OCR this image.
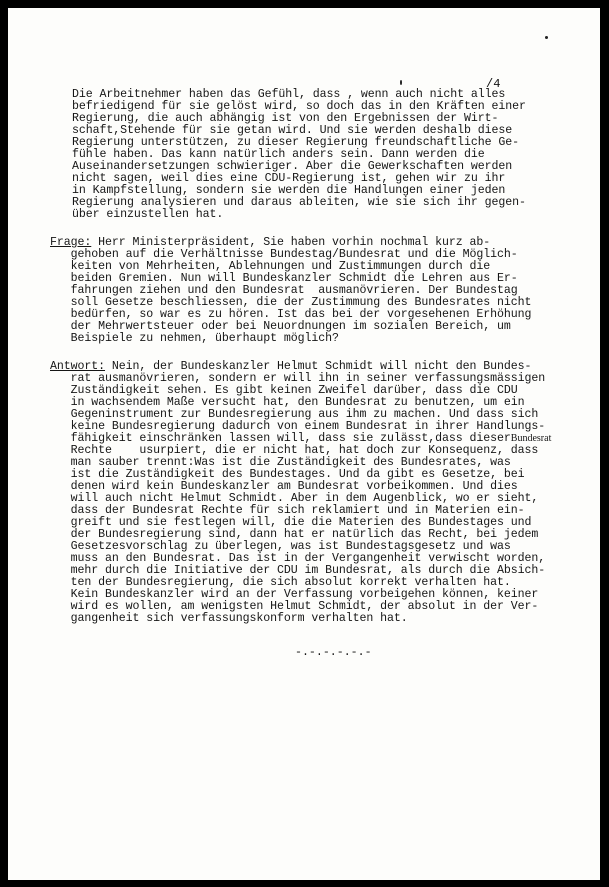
/4

Die Arbeitnehmer haben das Gefühl, dass , wenn auch nicht alles

befriedigend für sie gelöst wird, so doch das in den Kräften einer

Regierung, die auch abhängig ist von den Ergebnissen der Wirt-

schaft,Stehende für sie getan wird. Und sie werden deshalb diese

Regierung unterstützen, zu dieser Regierung freundschaftliche Ge-

fühle haben. Das kann natürlich anders sein. Dann werden die

Auseinandersetzungen schwieriger. Aber die Gewerkschaften werden

nicht sagen, weil dies eine CDU-Regierung ist, gehen wir zu ihr

in Kampfstellung, sondern sie werden die Handlungen einer jeden

Regierung analysieren und daraus ableiten, wie sie sich ihr gegen-

über einzustellen hat.

Frage: Herr Ministerpräsident, Sie haben vorhin nochmal kurz ab-

gehoben auf die Verhältnisse Bundestag/Bundesrat und die Möglich-

keiten von Mehrheiten, Ablehnungen und Zustimmungen durch die

beiden Gremien. Nun will Bundeskanzler Schmidt die Lehren aus Er-

fahrungen ziehen und den Bundesrat  ausmanövrieren. Der Bundestag

soll Gesetze beschliessen, die der Zustimmung des Bundesrates nicht

bedürfen, so war es zu hören. Ist das bei der vorgesehenen Erhöhung

der Mehrwertsteuer oder bei Neuordnungen im sozialen Bereich, um

Beispiele zu nehmen, überhaupt möglich?

Antwort: Nein, der Bundeskanzler Helmut Schmidt will nicht den Bundes-

rat ausmanövrieren, sondern er will ihn in seiner verfassungsmässigen

Zuständigkeit sehen. Es gibt keinen Zweifel darüber, dass die CDU

in wachsendem Maße versucht hat, den Bundesrat zu benutzen, um ein

Gegeninstrument zur Bundesregierung aus ihm zu machen. Und dass sich

keine Bundesregierung dadurch von einem Bundesrat in ihrer Handlungs-

fähigkeit einschränken lassen will, dass sie zulässt,dass dieserBundesrat

Rechte    usurpiert, die er nicht hat, hat doch zur Konsequenz, dass

man sauber trennt:Was ist die Zuständigkeit des Bundesrates, was

ist die Zuständigkeit des Bundestages. Und da gibt es Gesetze, bei

denen wird kein Bundeskanzler am Bundesrat vorbeikommen. Und dies

will auch nicht Helmut Schmidt. Aber in dem Augenblick, wo er sieht,

dass der Bundesrat Rechte für sich reklamiert und in Materien ein-

greift und sie festlegen will, die die Materien des Bundestages und

der Bundesregierung sind, dann hat er natürlich das Recht, bei jedem

Gesetzesvorschlag zu überlegen, was ist Bundestagsgesetz und was

muss an den Bundesrat. Das ist in der Vergangenheit verwischt worden,

mehr durch die Initiative der CDU im Bundesrat, als durch die Absich-

ten der Bundesregierung, die sich absolut korrekt verhalten hat.

Kein Bundeskanzler wird an der Verfassung vorbeigehen können, keiner

wird es wollen, am wenigsten Helmut Schmidt, der absolut in der Ver-

gangenheit sich verfassungskonform verhalten hat.

-.-.-.-.-.-
